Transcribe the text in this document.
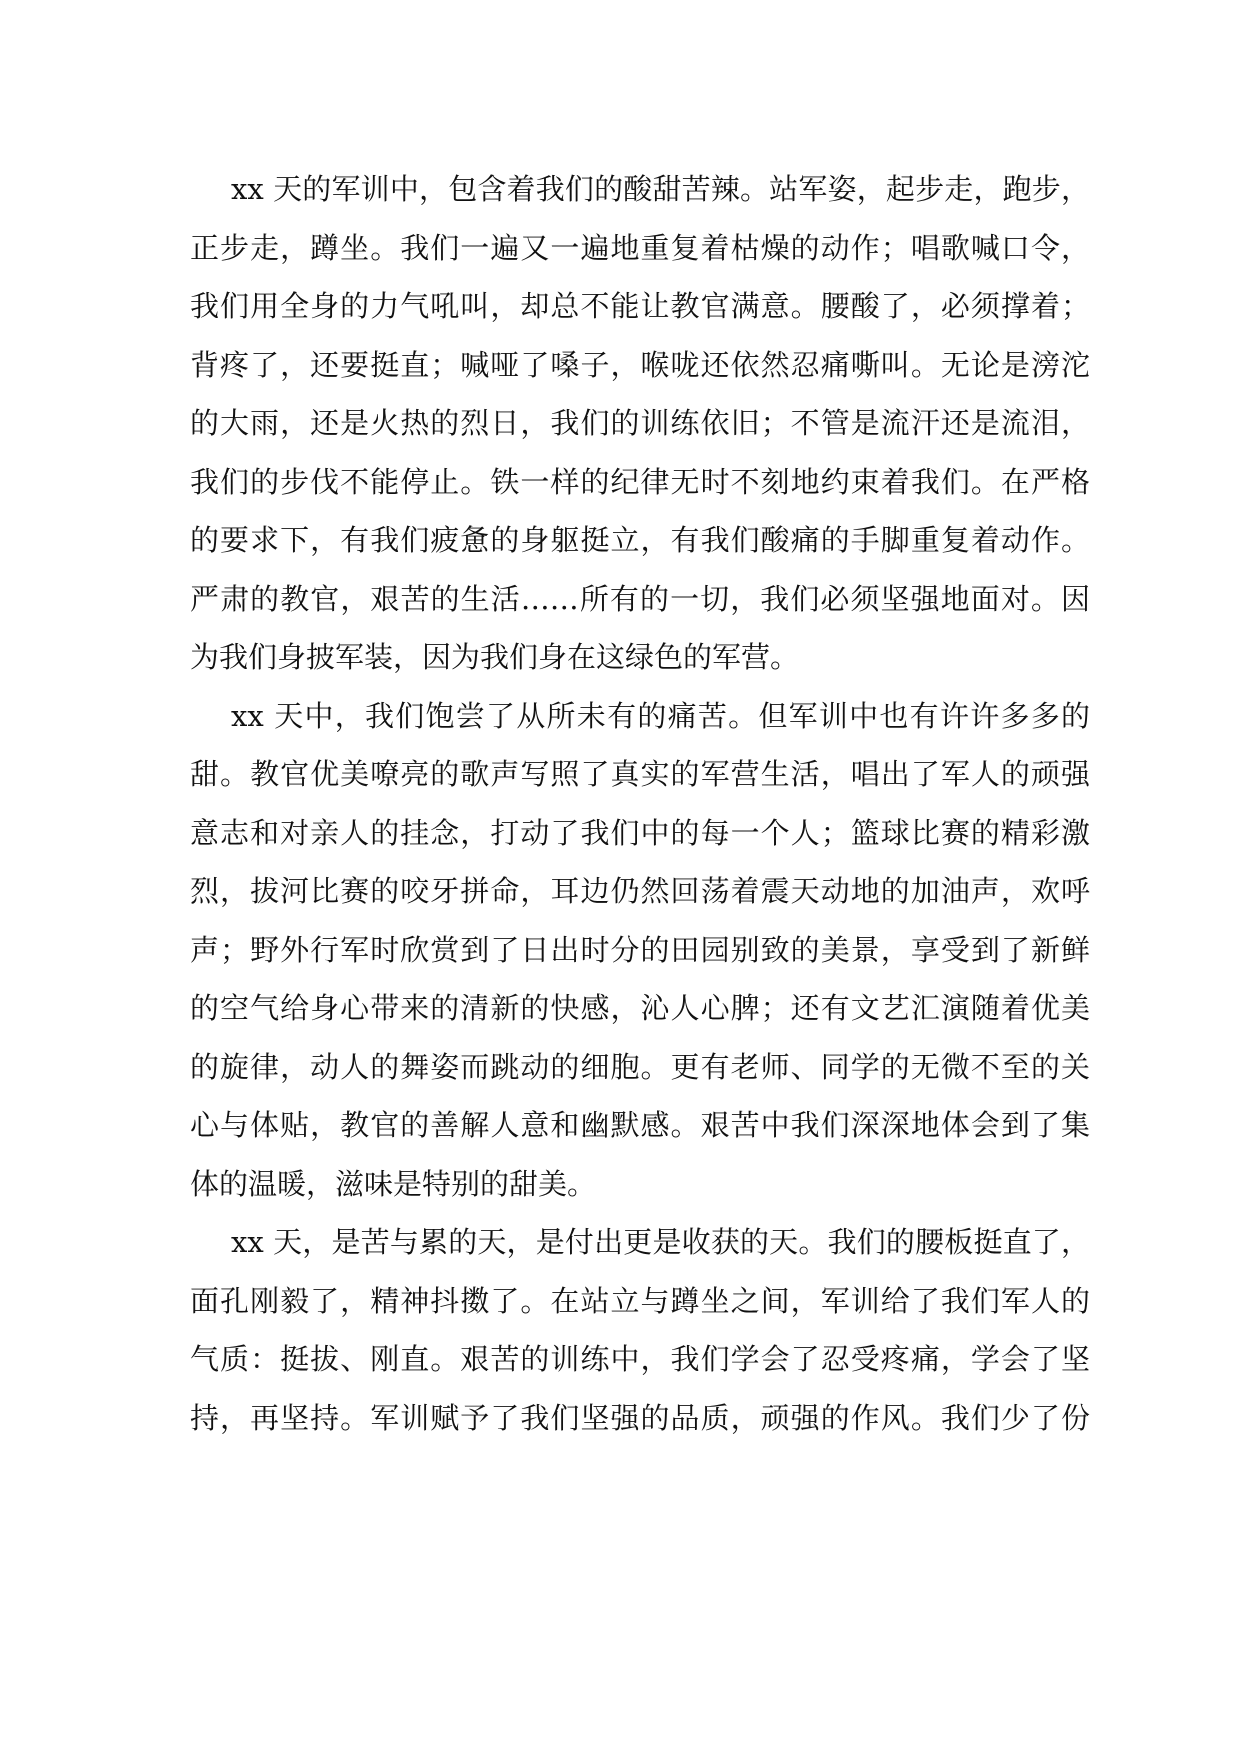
xx 天的军训中，包含着我们的酸甜苦辣。站军姿，起步走，跑步，
正步走，蹲坐。我们一遍又一遍地重复着枯燥的动作；唱歌喊口令，
我们用全身的力气吼叫，却总不能让教官满意。腰酸了，必须撑着；
背疼了，还要挺直；喊哑了嗓子，喉咙还依然忍痛嘶叫。无论是滂沱
的大雨，还是火热的烈日，我们的训练依旧；不管是流汗还是流泪，
我们的步伐不能停止。铁一样的纪律无时不刻地约束着我们。在严格
的要求下，有我们疲惫的身躯挺立，有我们酸痛的手脚重复着动作。
严肃的教官，艰苦的生活……所有的一切，我们必须坚强地面对。因
为我们身披军装，因为我们身在这绿色的军营。
xx 天中，我们饱尝了从所未有的痛苦。但军训中也有许许多多的
甜。教官优美嘹亮的歌声写照了真实的军营生活，唱出了军人的顽强
意志和对亲人的挂念，打动了我们中的每一个人；篮球比赛的精彩激
烈，拔河比赛的咬牙拼命，耳边仍然回荡着震天动地的加油声，欢呼
声；野外行军时欣赏到了日出时分的田园别致的美景，享受到了新鲜
的空气给身心带来的清新的快感，沁人心脾；还有文艺汇演随着优美
的旋律，动人的舞姿而跳动的细胞。更有老师、同学的无微不至的关
心与体贴，教官的善解人意和幽默感。艰苦中我们深深地体会到了集
体的温暖，滋味是特别的甜美。
xx 天，是苦与累的天，是付出更是收获的天。我们的腰板挺直了，
面孔刚毅了，精神抖擞了。在站立与蹲坐之间，军训给了我们军人的
气质：挺拔、刚直。艰苦的训练中，我们学会了忍受疼痛，学会了坚
持，再坚持。军训赋予了我们坚强的品质，顽强的作风。我们少了份
